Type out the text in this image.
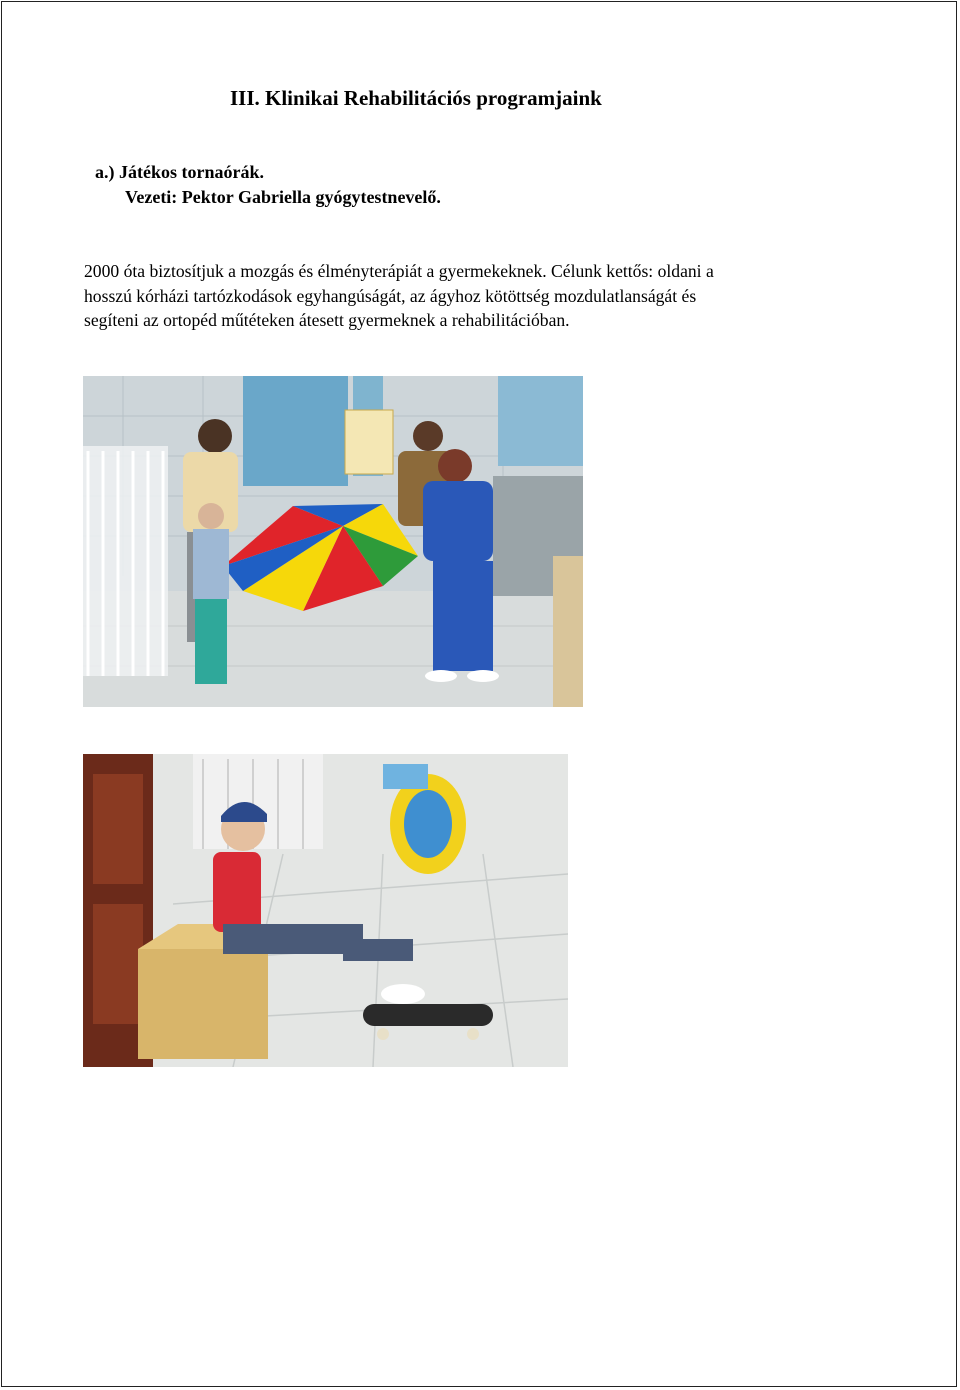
III. Klinikai Rehabilitációs programjaink
a.) Játékos tornaórák.
Vezeti: Pektor Gabriella gyógytestnevelő.
2000 óta biztosítjuk a mozgás és élményterápiát a gyermekeknek. Célunk kettős: oldani a
hosszú kórházi tartózkodások egyhangúságát, az ágyhoz kötöttség mozdulatlanságát és
segíteni az ortopéd műtéteken átesett gyermeknek a rehabilitációban.
